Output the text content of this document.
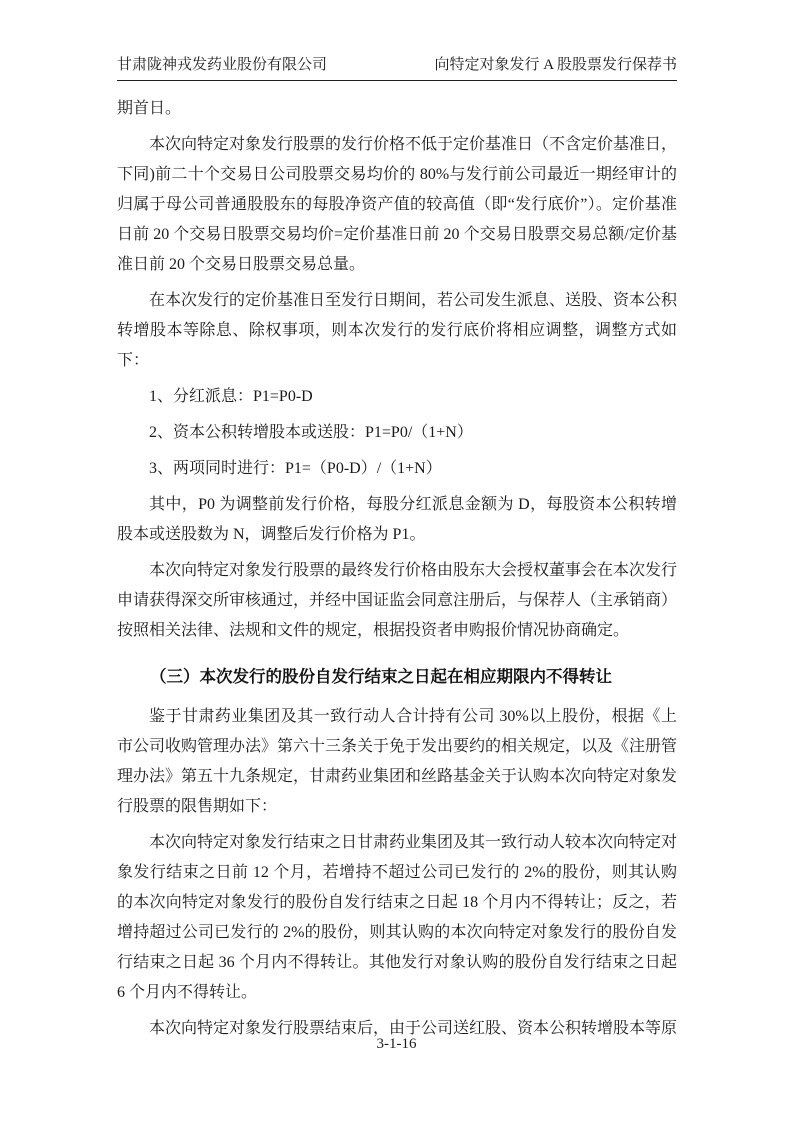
甘肃陇神戎发药业股份有限公司	向特定对象发行 A 股股票发行保荐书

期首日。

本次向特定对象发行股票的发行价格不低于定价基准日（不含定价基准日，下同)前二十个交易日公司股票交易均价的 80%与发行前公司最近一期经审计的归属于母公司普通股股东的每股净资产值的较高值（即“发行底价”）。定价基准日前 20 个交易日股票交易均价=定价基准日前 20 个交易日股票交易总额/定价基准日前 20 个交易日股票交易总量。

在本次发行的定价基准日至发行日期间，若公司发生派息、送股、资本公积转增股本等除息、除权事项，则本次发行的发行底价将相应调整，调整方式如下：

1、分红派息：P1=P0-D

2、资本公积转增股本或送股：P1=P0/（1+N）

3、两项同时进行：P1=（P0-D）/（1+N）

其中，P0 为调整前发行价格，每股分红派息金额为 D，每股资本公积转增股本或送股数为 N，调整后发行价格为 P1。

本次向特定对象发行股票的最终发行价格由股东大会授权董事会在本次发行申请获得深交所审核通过，并经中国证监会同意注册后，与保荐人（主承销商）按照相关法律、法规和文件的规定，根据投资者申购报价情况协商确定。

（三）本次发行的股份自发行结束之日起在相应期限内不得转让

鉴于甘肃药业集团及其一致行动人合计持有公司 30%以上股份，根据《上市公司收购管理办法》第六十三条关于免于发出要约的相关规定，以及《注册管理办法》第五十九条规定，甘肃药业集团和丝路基金关于认购本次向特定对象发行股票的限售期如下：

本次向特定对象发行结束之日甘肃药业集团及其一致行动人较本次向特定对象发行结束之日前 12 个月，若增持不超过公司已发行的 2%的股份，则其认购的本次向特定对象发行的股份自发行结束之日起 18 个月内不得转让；反之，若增持超过公司已发行的 2%的股份，则其认购的本次向特定对象发行的股份自发行结束之日起 36 个月内不得转让。其他发行对象认购的股份自发行结束之日起 6 个月内不得转让。

本次向特定对象发行股票结束后，由于公司送红股、资本公积转增股本等原

3-1-16
